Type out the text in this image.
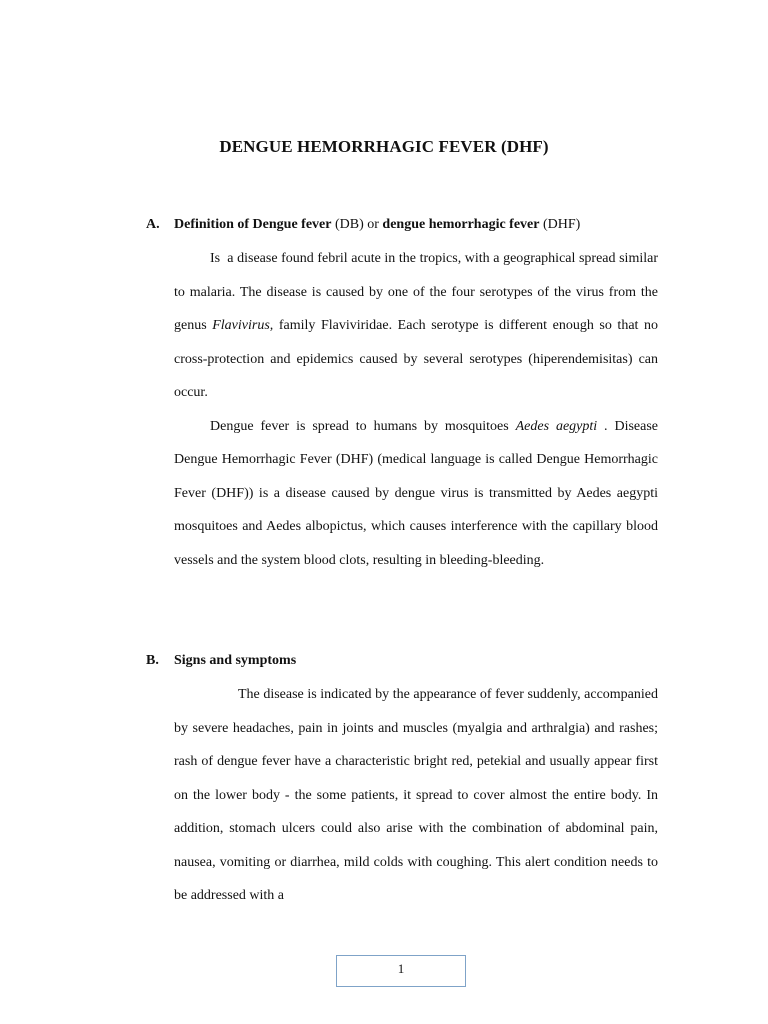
DENGUE HEMORRHAGIC FEVER (DHF)
A. Definition of Dengue fever (DB) or dengue hemorrhagic fever (DHF)

Is  a disease found febril acute in the tropics, with a geographical spread similar to malaria. The disease is caused by one of the four serotypes of the virus from the genus Flavivirus, family Flaviviridae. Each serotype is different enough so that no cross-protection and epidemics caused by several serotypes (hiperendemisitas) can occur.

Dengue fever is spread to humans by mosquitoes Aedes aegypti . Disease Dengue Hemorrhagic Fever (DHF) (medical language is called Dengue Hemorrhagic Fever (DHF)) is a disease caused by dengue virus is transmitted by Aedes aegypti mosquitoes and Aedes albopictus, which causes interference with the capillary blood vessels and the system blood clots, resulting in bleeding-bleeding.

B. Signs and symptoms

The disease is indicated by the appearance of fever suddenly, accompanied by severe headaches, pain in joints and muscles (myalgia and arthralgia) and rashes; rash of dengue fever have a characteristic bright red, petekial and usually appear first on the lower body - the some patients, it spread to cover almost the entire body. In addition, stomach ulcers could also arise with the combination of abdominal pain, nausea, vomiting or diarrhea, mild colds with coughing. This alert condition needs to be addressed with a

1
